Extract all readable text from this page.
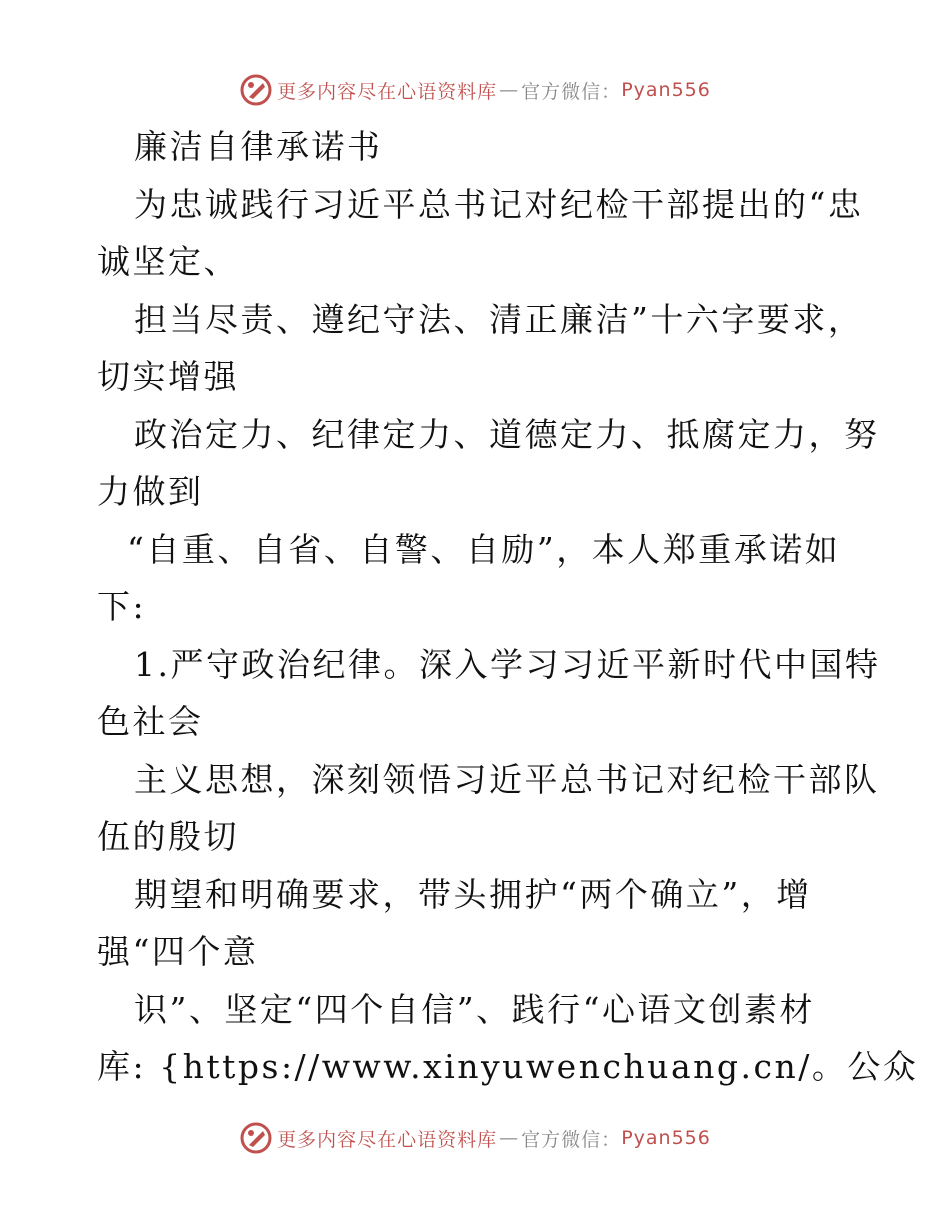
更多内容尽在心语资料库 — 官方微信： Pyan556
廉洁自律承诺书
为忠诚践行习近平总书记对纪检干部提出的“忠
诚坚定、
担当尽责、遵纪守法、清正廉洁”十六字要求，
切实增强
政治定力、纪律定力、道德定力、抵腐定力，努
力做到
“自重、自省、自警、自励”，本人郑重承诺如
下:
1.严守政治纪律。深入学习习近平新时代中国特
色社会
主义思想，深刻领悟习近平总书记对纪检干部队
伍的殷切
期望和明确要求，带头拥护“两个确立”，增
强“四个意
识”、坚定“四个自信”、践行“心语文创素材
库: {https://www.xinyuwenchuang.cn/。公众
更多内容尽在心语资料库 — 官方微信： Pyan556
